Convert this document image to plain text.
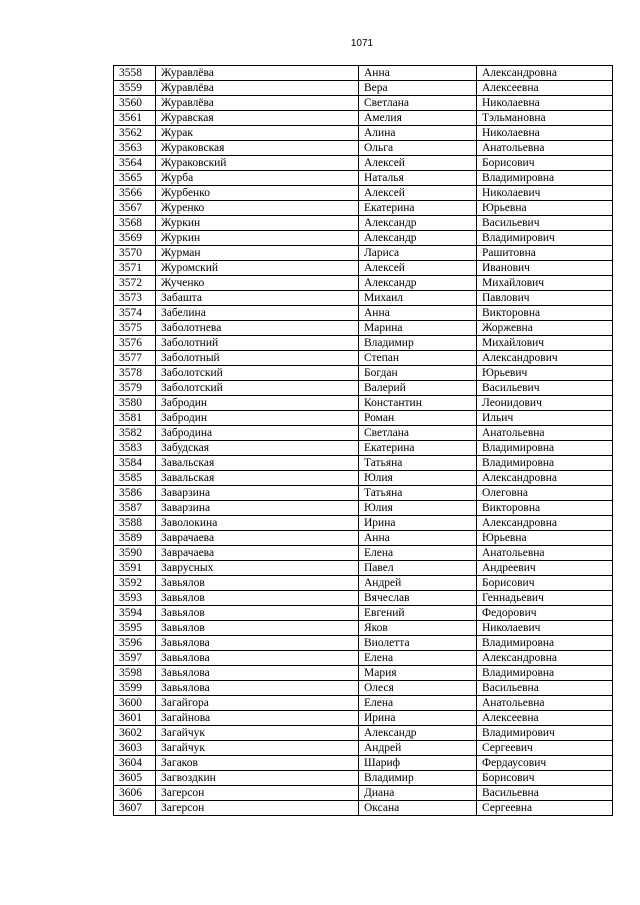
1071
3558	Журавлёва	Анна	Александровна
3559	Журавлёва	Вера	Алексеевна
3560	Журавлёва	Светлана	Николаевна
3561	Журавская	Амелия	Тэльмановна
3562	Журак	Алина	Николаевна
3563	Жураковская	Ольга	Анатольевна
3564	Жураковский	Алексей	Борисович
3565	Журба	Наталья	Владимировна
3566	Журбенко	Алексей	Николаевич
3567	Журенко	Екатерина	Юрьевна
3568	Журкин	Александр	Васильевич
3569	Журкин	Александр	Владимирович
3570	Журман	Лариса	Рашитовна
3571	Журомский	Алексей	Иванович
3572	Жученко	Александр	Михайлович
3573	Забашта	Михаил	Павлович
3574	Забелина	Анна	Викторовна
3575	Заболотнева	Марина	Жоржевна
3576	Заболотний	Владимир	Михайлович
3577	Заболотный	Степан	Александрович
3578	Заболотский	Богдан	Юрьевич
3579	Заболотский	Валерий	Васильевич
3580	Забродин	Константин	Леонидович
3581	Забродин	Роман	Ильич
3582	Забродина	Светлана	Анатольевна
3583	Забудская	Екатерина	Владимировна
3584	Завальская	Татьяна	Владимировна
3585	Завальская	Юлия	Александровна
3586	Заварзина	Татьяна	Олеговна
3587	Заварзина	Юлия	Викторовна
3588	Заволокина	Ирина	Александровна
3589	Заврачаева	Анна	Юрьевна
3590	Заврачаева	Елена	Анатольевна
3591	Завруcных	Павел	Андреевич
3592	Завьялов	Андрей	Борисович
3593	Завьялов	Вячеслав	Геннадьевич
3594	Завьялов	Евгений	Федорович
3595	Завьялов	Яков	Николаевич
3596	Завьялова	Виолетта	Владимировна
3597	Завьялова	Елена	Александровна
3598	Завьялова	Мария	Владимировна
3599	Завьялова	Олеся	Васильевна
3600	Загайгора	Елена	Анатольевна
3601	Загайнова	Ирина	Алексеевна
3602	Загайчук	Александр	Владимирович
3603	Загайчук	Андрей	Сергеевич
3604	Загаков	Шариф	Фердаусович
3605	Загвоздкин	Владимир	Борисович
3606	Загерсон	Диана	Васильевна
3607	Загерсон	Оксана	Сергеевна
